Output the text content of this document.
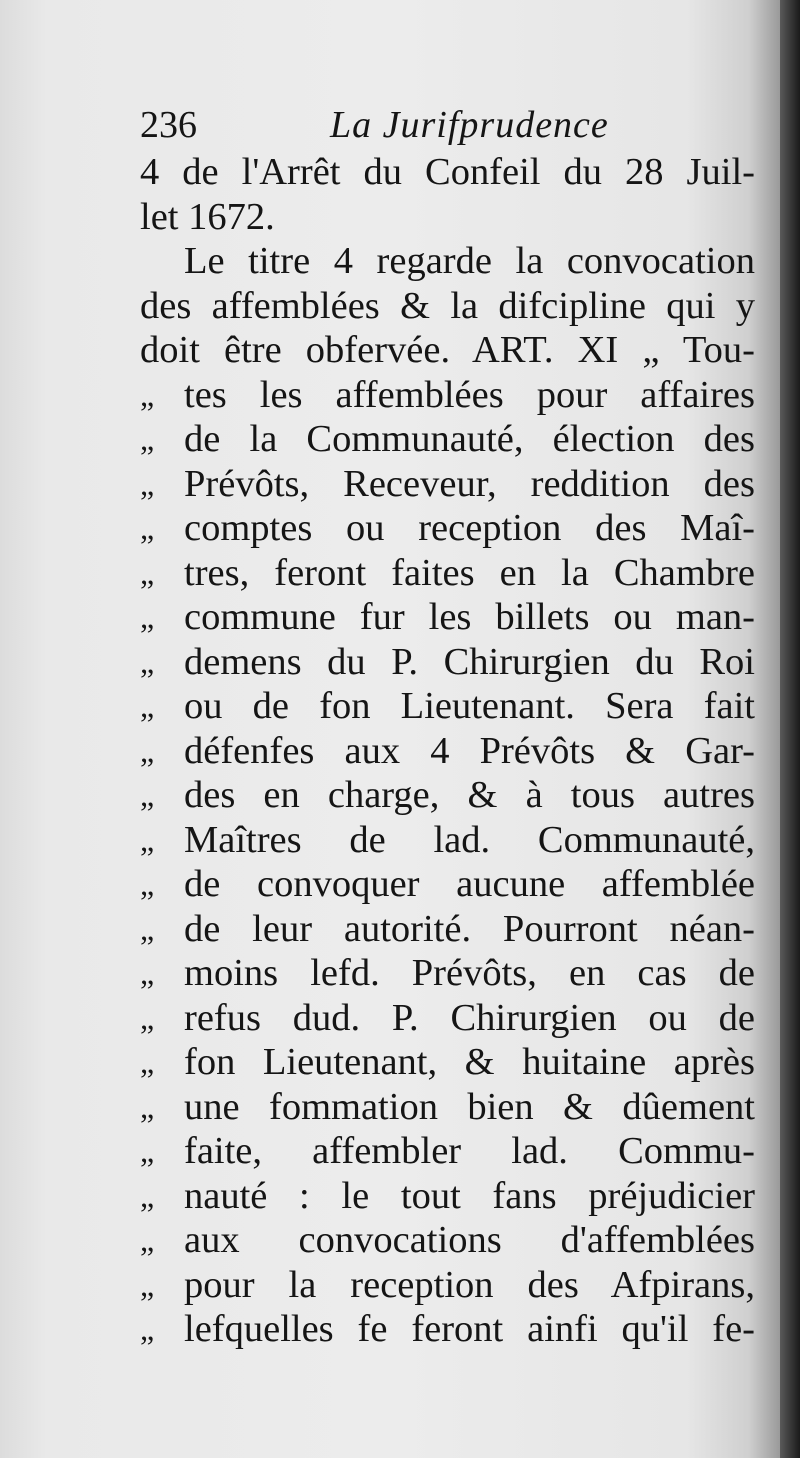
236	La Jurifprudence
4 de l'Arrêt du Confeil du 28 Juil-
let 1672.
Le titre 4 regarde la convocation
des affemblées & la difcipline qui y
doit être obfervée. ART. XI „ Tou-
„ tes les affemblées pour affaires
„ de la Communauté, élection des
„ Prévôts, Receveur, reddition des
„ comptes ou reception des Maî-
„ tres, feront faites en la Chambre
„ commune fur les billets ou man-
„ demens du P. Chirurgien du Roi
„ ou de fon Lieutenant. Sera fait
„ défenfes aux 4 Prévôts & Gar-
„ des en charge, & à tous autres
„ Maîtres de lad. Communauté,
„ de convoquer aucune affemblée
„ de leur autorité. Pourront néan-
„ moins lefd. Prévôts, en cas de
„ refus dud. P. Chirurgien ou de
„ fon Lieutenant, & huitaine après
„ une fommation bien & dûement
„ faite, affembler lad. Commu-
„ nauté : le tout fans préjudicier
„ aux convocations d'affemblées
„ pour la reception des Afpirans,
„ lefquelles fe feront ainfi qu'il fe-
